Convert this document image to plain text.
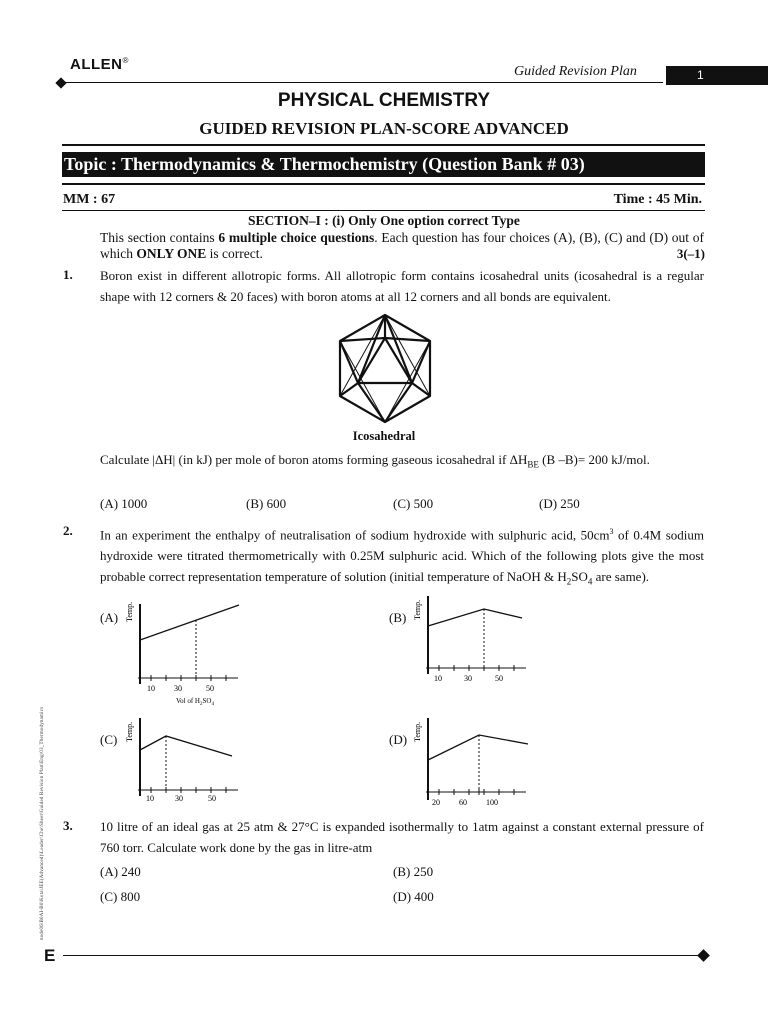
ALLEN®
Guided Revision Plan	1
PHYSICAL CHEMISTRY
GUIDED REVISION PLAN-SCORE ADVANCED
Topic : Thermodynamics & Thermochemistry (Question Bank # 03)
MM : 67	Time : 45 Min.
SECTION–I : (i) Only One option correct Type
This section contains 6 multiple choice questions. Each question has four choices (A), (B), (C) and (D) out of which ONLY ONE is correct.	3(–1)
1. Boron exist in different allotropic forms. All allotropic form contains icosahedral units (icosahedral is a regular shape with 12 corners & 20 faces) with boron atoms at all 12 corners and all bonds are equivalent.
Icosahedral
Calculate |ΔH| (in kJ) per mole of boron atoms forming gaseous icosahedral if $\Delta H_{BE}$ (B –B)= 200 kJ/mol.
(A) 1000	(B) 600	(C) 500	(D) 250
2. In an experiment the enthalpy of neutralisation of sodium hydroxide with sulphuric acid, $50cm^3$ of 0.4M sodium hydroxide were titrated thermometrically with 0.25M sulphuric acid. Which of the following plots give the most probable correct representation temperature of solution (initial temperature of NaOH & $H_2SO_4$ are same).
(A) Temp.
10 30	50
Vol of $H_2SO_4$
(B) Temp.
10	30	50
(C) Temp.
10	30	50
(D) Temp.
20 60 100
3. 10 litre of an ideal gas at 25 atm & 27°C is expanded isothermally to 1atm against a constant external pressure of 760 torr. Calculate work done by the gas in litre-atm
(A) 240	(B) 250
(C) 800	(D) 400
node06\B0AI-B0\Kota\JEE(Advanced)\Leader\Che\Sheet\Guided Revision Plan\Eng\03_Thermodynamics
E
